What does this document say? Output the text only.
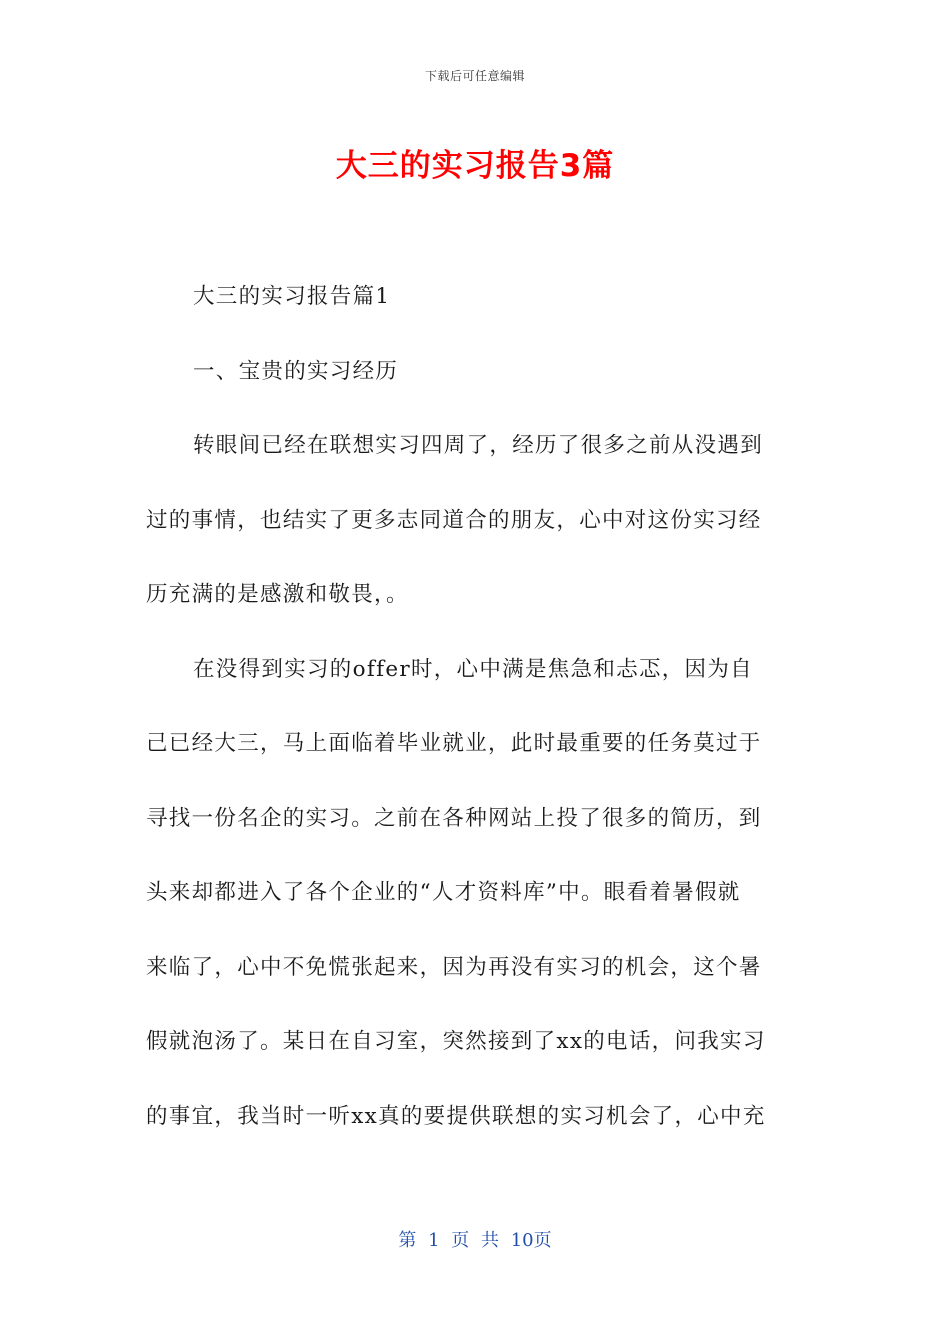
下载后可任意编辑
大三的实习报告3篇
大三的实习报告篇1
一、宝贵的实习经历
转眼间已经在联想实习四周了，经历了很多之前从没遇到
过的事情，也结实了更多志同道合的朋友，心中对这份实习经
历充满的是感激和敬畏，。
在没得到实习的offer时，心中满是焦急和忐忑，因为自
己已经大三，马上面临着毕业就业，此时最重要的任务莫过于
寻找一份名企的实习。之前在各种网站上投了很多的简历，到
头来却都进入了各个企业的“人才资料库”中。眼看着暑假就
来临了，心中不免慌张起来，因为再没有实习的机会，这个暑
假就泡汤了。某日在自习室，突然接到了xx的电话，问我实习
的事宜，我当时一听xx真的要提供联想的实习机会了，心中充
第 1 页 共 10页
